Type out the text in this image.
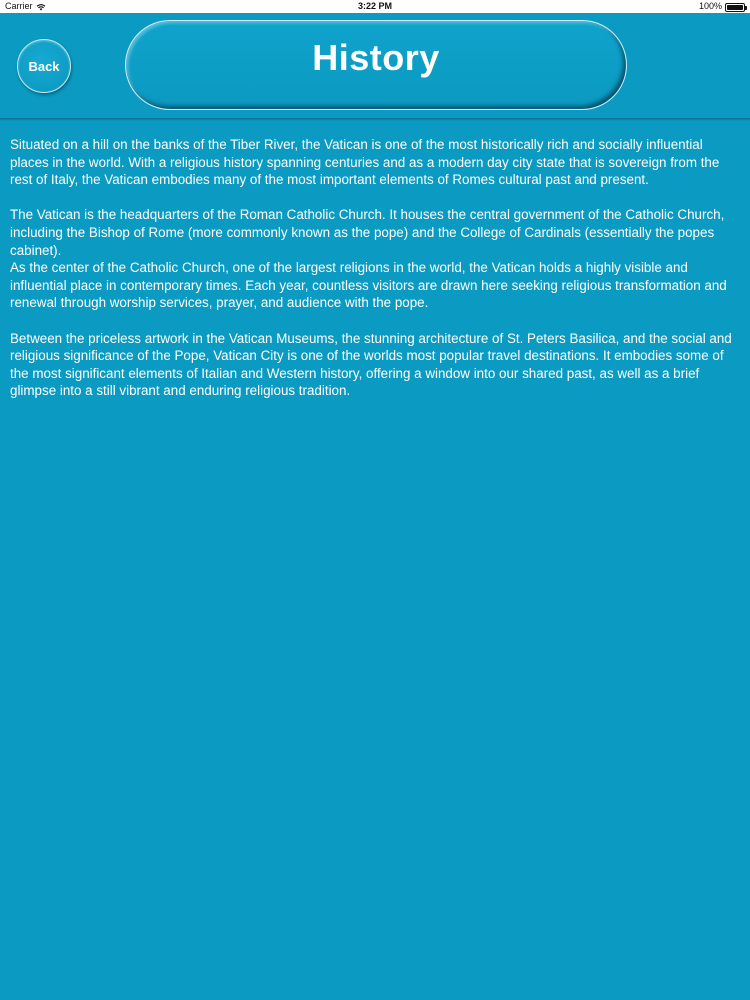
Carrier	3:22 PM	100%
Back	History

Situated on a hill on the banks of the Tiber River, the Vatican is one of the most historically rich and socially influential places in the world. With a religious history spanning centuries and as a modern day city state that is sovereign from the rest of Italy, the Vatican embodies many of the most important elements of Romes cultural past and present.

The Vatican is the headquarters of the Roman Catholic Church. It houses the central government of the Catholic Church, including the Bishop of Rome (more commonly known as the pope) and the College of Cardinals (essentially the popes cabinet).

As the center of the Catholic Church, one of the largest religions in the world, the Vatican holds a highly visible and influential place in contemporary times. Each year, countless visitors are drawn here seeking religious transformation and renewal through worship services, prayer, and audience with the pope.

Between the priceless artwork in the Vatican Museums, the stunning architecture of St. Peters Basilica, and the social and religious significance of the Pope, Vatican City is one of the worlds most popular travel destinations. It embodies some of the most significant elements of Italian and Western history, offering a window into our shared past, as well as a brief glimpse into a still vibrant and enduring religious tradition.
